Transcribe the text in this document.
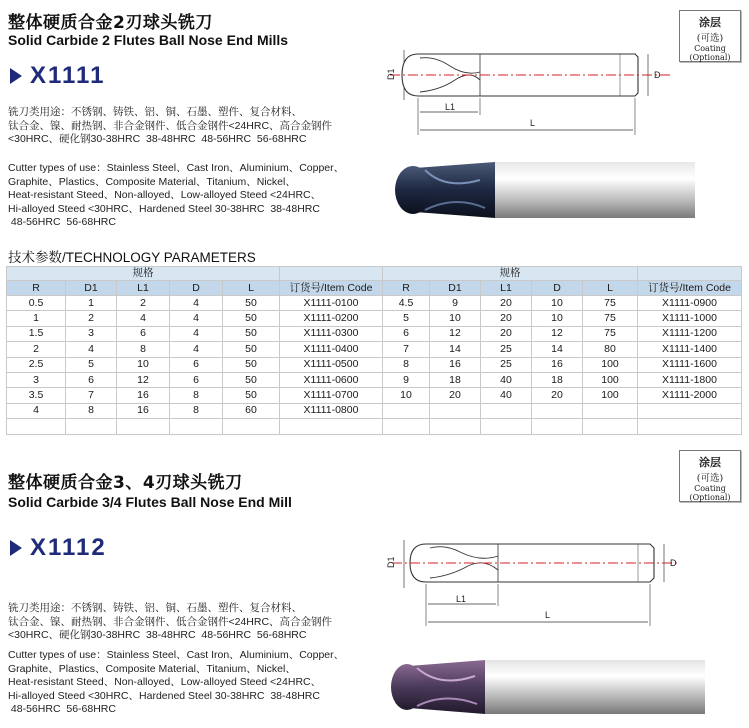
整体硬质合金2刃球头铣刀
Solid Carbide 2 Flutes Ball Nose End Mills
X1111
铣刀类用途：不锈钢、铸铁、铝、铜、石墨、塑件、复合材料、
钛合金、镍、耐热钢、非合金钢件、低合金钢件<24HRC、高合金钢件
<30HRC、硬化钢30-38HRC  38-48HRC  48-56HRC  56-68HRC
Cutter types of use：Stainless Steel、Cast Iron、Aluminium、Copper、
Graphite、Plastics、Composite Material、Titanium、Nickel、
Heat-resistant Steed、Non-alloyed、Low-alloyed Steed <24HRC、
Hi-alloyed Steed <30HRC、Hardened Steel 30-38HRC  38-48HRC
48-56HRC  56-68HRC
涂层
(可选)
Coating
(Optional)
D1	D
L1
L
技术参数/TECHNOLOGY PARAMETERS
规格						规格					
R	D1	L1	D	L	订货号/Item Code	R	D1	L1	D	L	订货号/Item Code
0.5	1	2	4	50	X1111-0100	4.5	9	20	10	75	X1111-0900
1	2	4	4	50	X1111-0200	5	10	20	10	75	X1111-1000
1.5	3	6	4	50	X1111-0300	6	12	20	12	75	X1111-1200
2	4	8	4	50	X1111-0400	7	14	25	14	80	X1111-1400
2.5	5	10	6	50	X1111-0500	8	16	25	16	100	X1111-1600
3	6	12	6	50	X1111-0600	9	18	40	18	100	X1111-1800
3.5	7	16	8	50	X1111-0700	10	20	40	20	100	X1111-2000
4	8	16	8	60	X1111-0800						

整体硬质合金3、4刃球头铣刀
Solid Carbide 3/4 Flutes Ball Nose End Mill
X1112
铣刀类用途：不锈钢、铸铁、铝、铜、石墨、塑件、复合材料、
钛合金、镍、耐热钢、非合金钢件、低合金钢件<24HRC、高合金钢件
<30HRC、硬化钢30-38HRC  38-48HRC  48-56HRC  56-68HRC
Cutter types of use：Stainless Steel、Cast Iron、Aluminium、Copper、
Graphite、Plastics、Composite Material、Titanium、Nickel、
Heat-resistant Steed、Non-alloyed、Low-alloyed Steed <24HRC、
Hi-alloyed Steed <30HRC、Hardened Steel 30-38HRC  38-48HRC
48-56HRC  56-68HRC
涂层
(可选)
Coating
(Optional)
D1	D
L1
L
